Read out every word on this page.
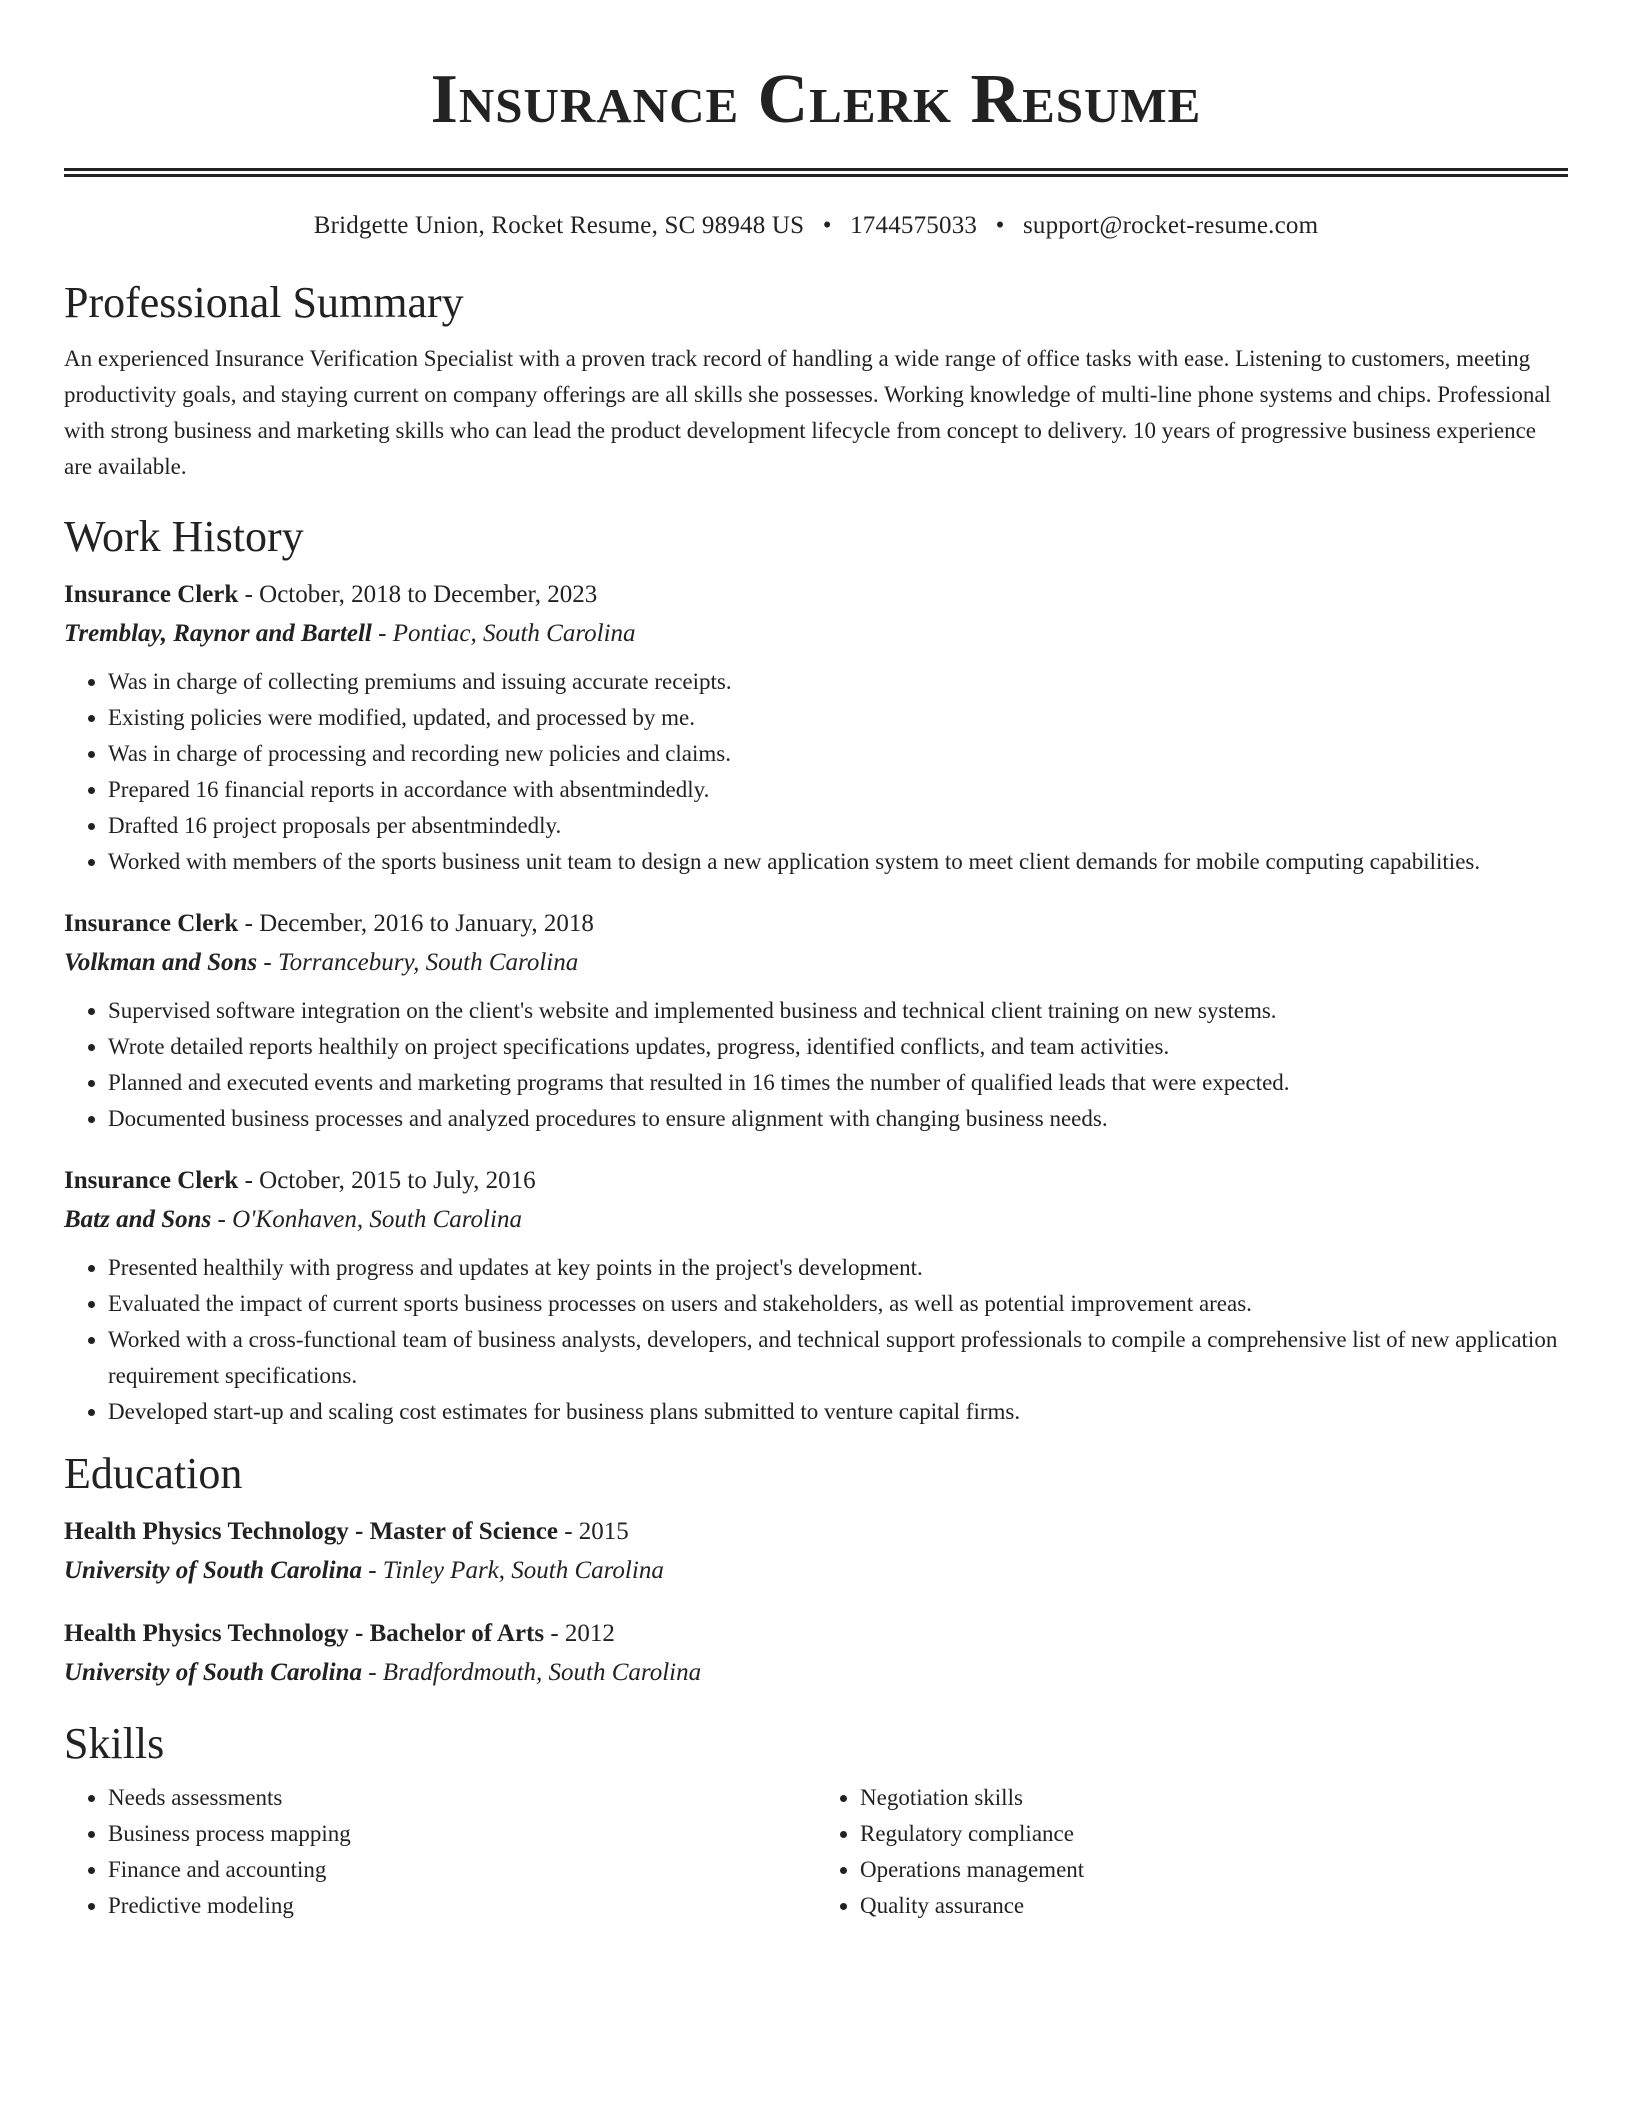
Insurance Clerk Resume
Bridgette Union, Rocket Resume, SC 98948 US • 1744575033 • support@rocket-resume.com
Professional Summary

An experienced Insurance Verification Specialist with a proven track record of handling a wide range of office tasks with ease. Listening to customers, meeting productivity goals, and staying current on company offerings are all skills she possesses. Working knowledge of multi-line phone systems and chips. Professional with strong business and marketing skills who can lead the product development lifecycle from concept to delivery. 10 years of progressive business experience are available.

Work History
Insurance Clerk - October, 2018 to December, 2023
Tremblay, Raynor and Bartell - Pontiac, South Carolina
• Was in charge of collecting premiums and issuing accurate receipts.
• Existing policies were modified, updated, and processed by me.
• Was in charge of processing and recording new policies and claims.
• Prepared 16 financial reports in accordance with absentmindedly.
• Drafted 16 project proposals per absentmindedly.
• Worked with members of the sports business unit team to design a new application system to meet client demands for mobile computing capabilities.
Insurance Clerk - December, 2016 to January, 2018
Volkman and Sons - Torrancebury, South Carolina
• Supervised software integration on the client's website and implemented business and technical client training on new systems.
• Wrote detailed reports healthily on project specifications updates, progress, identified conflicts, and team activities.
• Planned and executed events and marketing programs that resulted in 16 times the number of qualified leads that were expected.
• Documented business processes and analyzed procedures to ensure alignment with changing business needs.
Insurance Clerk - October, 2015 to July, 2016
Batz and Sons - O'Konhaven, South Carolina
• Presented healthily with progress and updates at key points in the project's development.
• Evaluated the impact of current sports business processes on users and stakeholders, as well as potential improvement areas.
• Worked with a cross-functional team of business analysts, developers, and technical support professionals to compile a comprehensive list of new application requirement specifications.
• Developed start-up and scaling cost estimates for business plans submitted to venture capital firms.
Education
Health Physics Technology - Master of Science - 2015
University of South Carolina - Tinley Park, South Carolina
Health Physics Technology - Bachelor of Arts - 2012
University of South Carolina - Bradfordmouth, South Carolina
Skills
• Needs assessments
• Business process mapping
• Finance and accounting
• Predictive modeling
• Negotiation skills
• Regulatory compliance
• Operations management
• Quality assurance
